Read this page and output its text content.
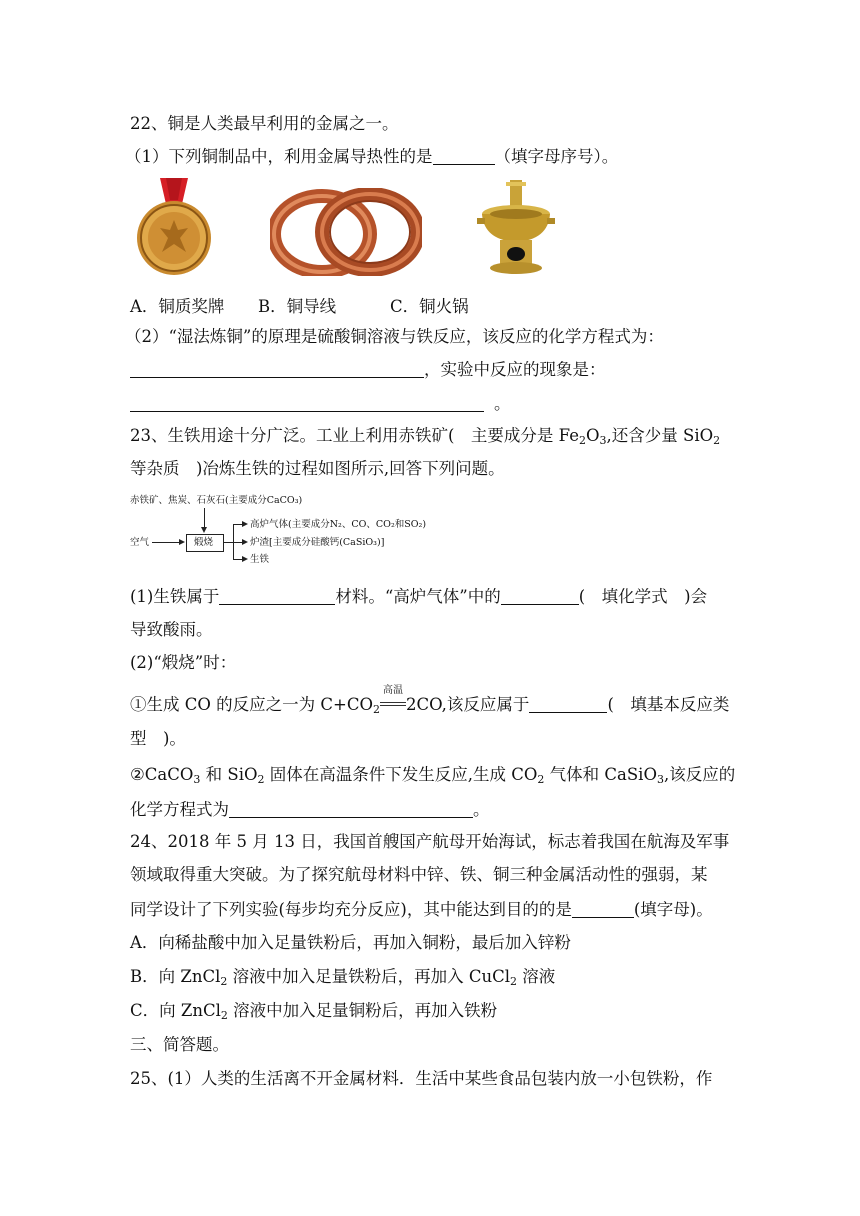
22、铜是人类最早利用的金属之一。
（1）下列铜制品中，利用金属导热性的是	（填字母序号）。
A．铜质奖牌 B．铜导线	C．铜火锅
（2）“湿法炼铜”的原理是硫酸铜溶液与铁反应，该反应的化学方程式为：
，实验中反应的现象是：
。
23、生铁用途十分广泛。工业上利用赤铁矿(　主要成分是 $Fe_2O_3$,还含少量 SiO$_2$
等杂质　)冶炼生铁的过程如图所示,回答下列问题。
赤铁矿、焦炭、石灰石(主要成分CaCO₃)
空气	煅烧
高炉气体(主要成分N₂、CO、CO₂和SO₂)
炉渣[主要成分硅酸钙(CaSiO₃)]
生铁
(1)生铁属于	材料。“高炉气体”中的	(　填化学式　)会
导致酸雨。
(2)“煅烧”时：
①生成 CO 的反应之一为 $C+CO_2$
高温
2CO,该反应属于	(　填基本反应类
型　)。
②CaCO$_3$ 和 SiO$_2$ 固体在高温条件下发生反应,生成 $CO_2$ 气体和 CaSiO$_3$,该反应的
化学方程式为	。
24、2018 年 5 月 13 日，我国首艘国产航母开始海试，标志着我国在航海及军事
领域取得重大突破。为了探究航母材料中锌、铁、铜三种金属活动性的强弱，某
同学设计了下列实验(每步均充分反应)，其中能达到目的的是	(填字母)。
A．向稀盐酸中加入足量铁粉后，再加入铜粉，最后加入锌粉
B．向 ZnCl$_2$ 溶液中加入足量铁粉后，再加入 CuCl$_2$ 溶液
C．向 ZnCl$_2$ 溶液中加入足量铜粉后，再加入铁粉
三、简答题。
25、(1）人类的生活离不开金属材料．生活中某些食品包装内放一小包铁粉，作
